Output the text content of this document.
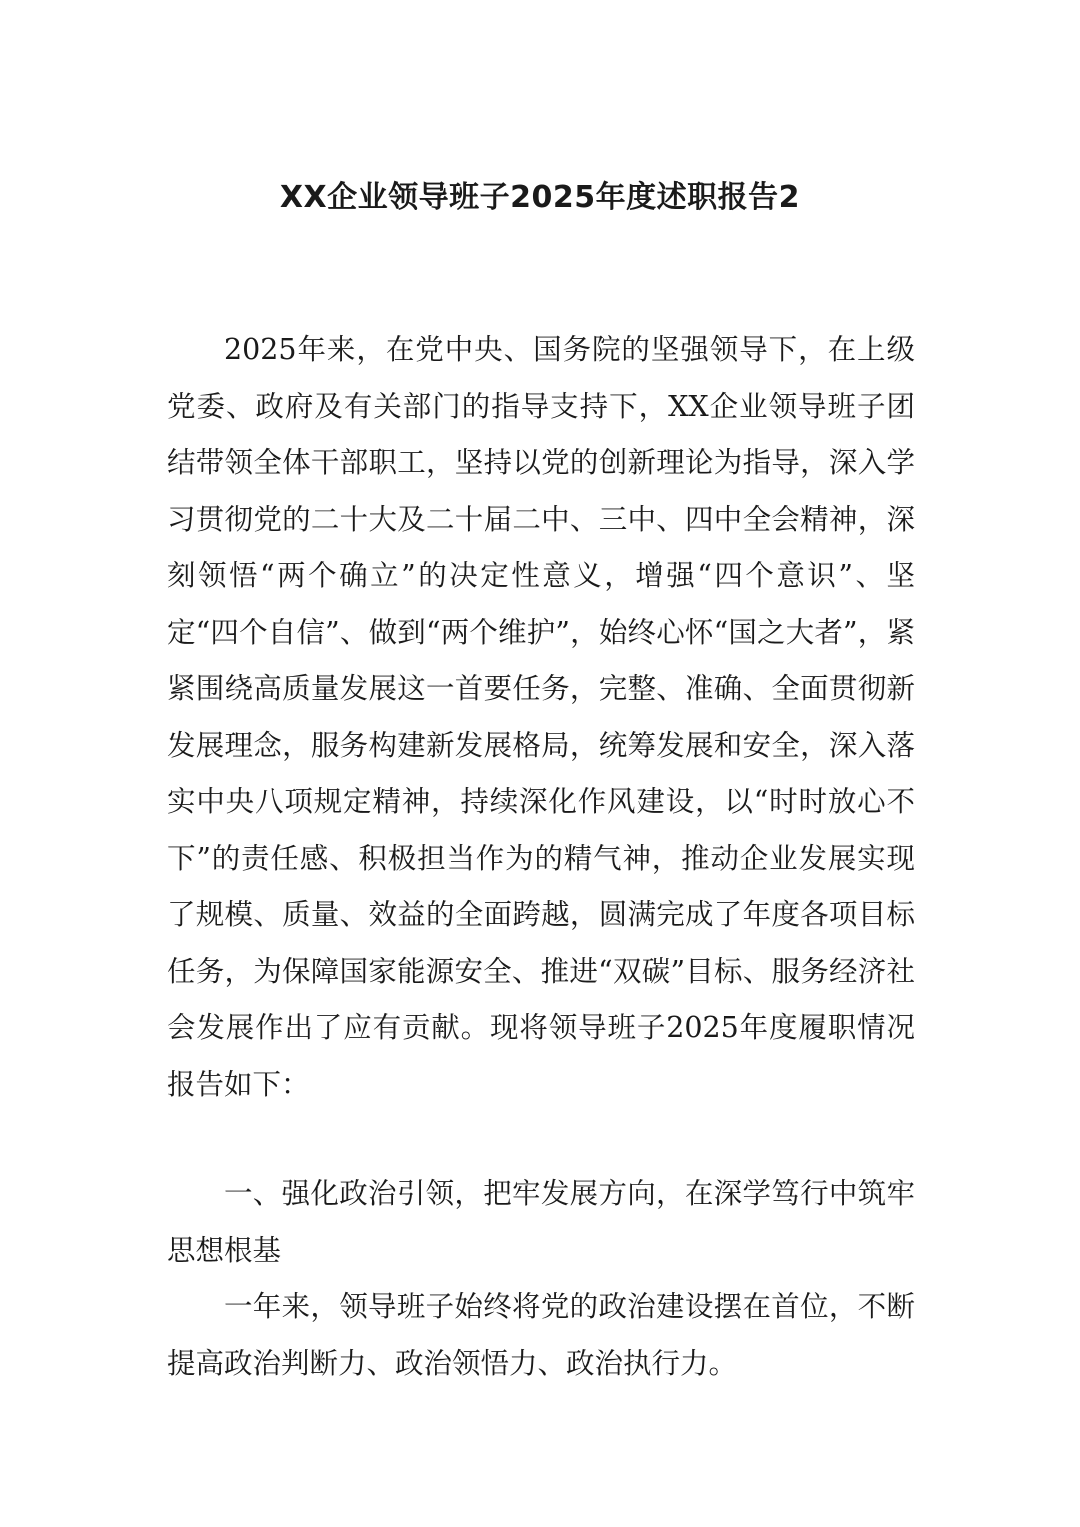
XX企业领导班子2025年度述职报告2

2025年来，在党中央、国务院的坚强领导下，在上级党委、政府及有关部门的指导支持下，XX企业领导班子团结带领全体干部职工，坚持以党的创新理论为指导，深入学习贯彻党的二十大及二十届二中、三中、四中全会精神，深刻领悟“两个确立”的决定性意义，增强“四个意识”、坚定“四个自信”、做到“两个维护”，始终心怀“国之大者”，紧紧围绕高质量发展这一首要任务，完整、准确、全面贯彻新发展理念，服务构建新发展格局，统筹发展和安全，深入落实中央八项规定精神，持续深化作风建设，以“时时放心不下”的责任感、积极担当作为的精气神，推动企业发展实现了规模、质量、效益的全面跨越，圆满完成了年度各项目标任务，为保障国家能源安全、推进“双碳”目标、服务经济社会发展作出了应有贡献。现将领导班子2025年度履职情况报告如下：

一、强化政治引领，把牢发展方向，在深学笃行中筑牢思想根基

一年来，领导班子始终将党的政治建设摆在首位，不断提高政治判断力、政治领悟力、政治执行力。
